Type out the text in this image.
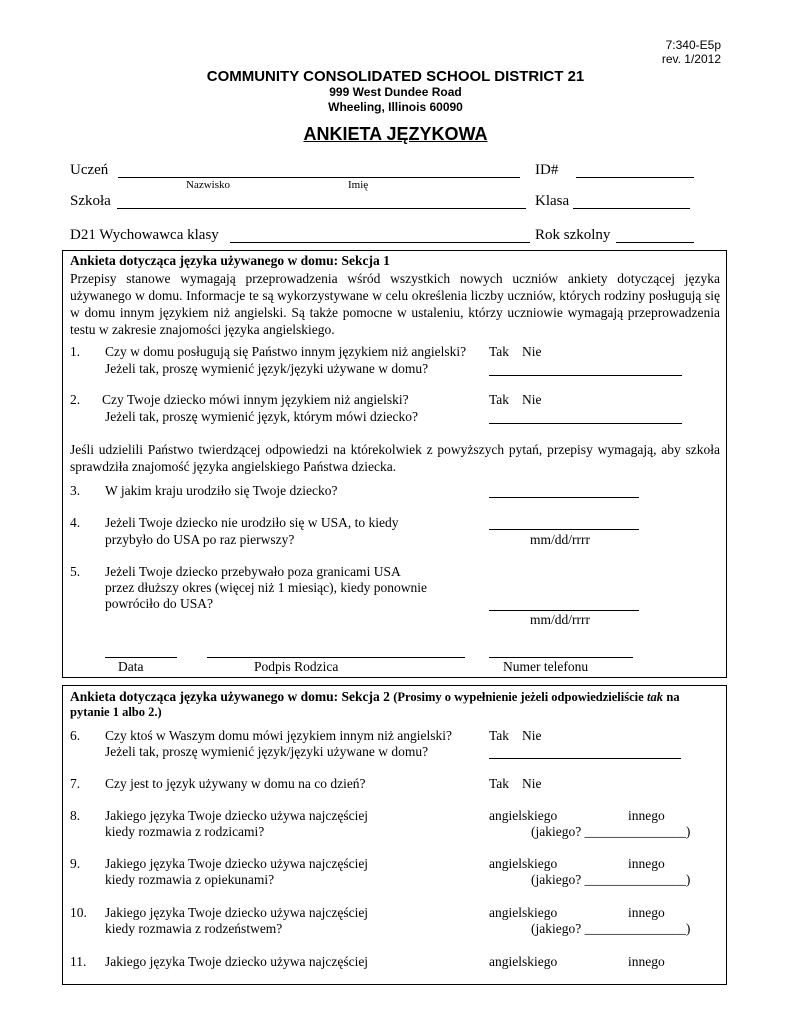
7:340-E5p
rev. 1/2012
COMMUNITY CONSOLIDATED SCHOOL DISTRICT 21
999 West Dundee Road
Wheeling, Illinois 60090
ANKIETA JĘZYKOWA
Uczeń
Nazwisko	Imię
ID#
Szkoła	Klasa
D21 Wychowawca klasy	Rok szkolny
Ankieta dotycząca języka używanego w domu: Sekcja 1
Przepisy stanowe wymagają przeprowadzenia wśród wszystkich nowych uczniów ankiety dotyczącej języka używanego w domu. Informacje te są wykorzystywane w celu określenia liczby uczniów, których rodziny posługują się w domu innym językiem niż angielski. Są także pomocne w ustaleniu, którzy uczniowie wymagają przeprowadzenia testu w zakresie znajomości języka angielskiego.
1. Czy w domu posługują się Państwo innym językiem niż angielski?
Jeżeli tak, proszę wymienić język/języki używane w domu?
Tak Nie
2. Czy Twoje dziecko mówi innym językiem niż angielski?
Jeżeli tak, proszę wymienić język, którym mówi dziecko?
Tak Nie
Jeśli udzielili Państwo twierdzącej odpowiedzi na którekolwiek z powyższych pytań, przepisy wymagają, aby szkoła sprawdziła znajomość języka angielskiego Państwa dziecka.
3. W jakim kraju urodziło się Twoje dziecko?
4. Jeżeli Twoje dziecko nie urodziło się w USA, to kiedy
przybyło do USA po raz pierwszy?	mm/dd/rrrr
5. Jeżeli Twoje dziecko przebywało poza granicami USA
przez dłuższy okres (więcej niż 1 miesiąc), kiedy ponownie
powróciło do USA?
mm/dd/rrrr
Data	Podpis Rodzica	Numer telefonu
Ankieta dotycząca języka używanego w domu: Sekcja 2 (Prosimy o wypełnienie jeżeli odpowiedzieliście tak na
pytanie 1 albo 2.)
6. Czy ktoś w Waszym domu mówi językiem innym niż angielski?
Jeżeli tak, proszę wymienić język/języki używane w domu?
Tak Nie
7. Czy jest to język używany w domu na co dzień?	Tak Nie
8. Jakiego języka Twoje dziecko używa najczęściej
kiedy rozmawia z rodzicami?
angielskiego	innego
(jakiego? _______________)
9. Jakiego języka Twoje dziecko używa najczęściej
kiedy rozmawia z opiekunami?
angielskiego	innego
(jakiego? _______________)
10. Jakiego języka Twoje dziecko używa najczęściej
kiedy rozmawia z rodzeństwem?
angielskiego	innego
(jakiego? _______________)
11. Jakiego języka Twoje dziecko używa najczęściej	angielskiego	innego
